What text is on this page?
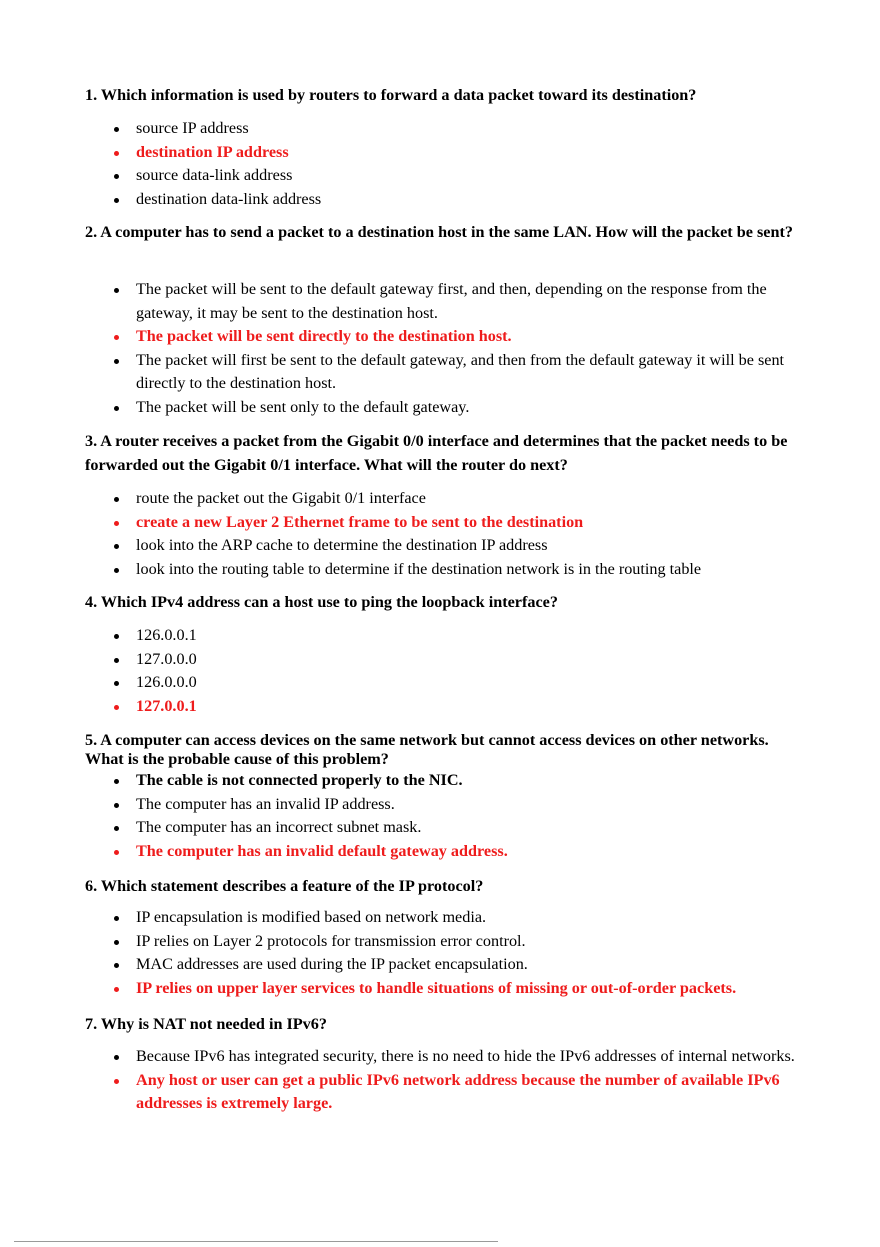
1. Which information is used by routers to forward a data packet toward its destination?

source IP address
destination IP address
source data-link address
destination data-link address

2. A computer has to send a packet to a destination host in the same LAN. How will the packet be sent?

The packet will be sent to the default gateway first, and then, depending on the response from the gateway, it may be sent to the destination host.
The packet will be sent directly to the destination host.
The packet will first be sent to the default gateway, and then from the default gateway it will be sent directly to the destination host.
The packet will be sent only to the default gateway.

3. A router receives a packet from the Gigabit 0/0 interface and determines that the packet needs to be forwarded out the Gigabit 0/1 interface. What will the router do next?

route the packet out the Gigabit 0/1 interface
create a new Layer 2 Ethernet frame to be sent to the destination
look into the ARP cache to determine the destination IP address
look into the routing table to determine if the destination network is in the routing table

4. Which IPv4 address can a host use to ping the loopback interface?

126.0.0.1
127.0.0.0
126.0.0.0
127.0.0.1

5. A computer can access devices on the same network but cannot access devices on other networks. What is the probable cause of this problem?

The cable is not connected properly to the NIC.
The computer has an invalid IP address.
The computer has an incorrect subnet mask.
The computer has an invalid default gateway address.

6. Which statement describes a feature of the IP protocol?

IP encapsulation is modified based on network media.
IP relies on Layer 2 protocols for transmission error control.
MAC addresses are used during the IP packet encapsulation.
IP relies on upper layer services to handle situations of missing or out-of-order packets.

7. Why is NAT not needed in IPv6?

Because IPv6 has integrated security, there is no need to hide the IPv6 addresses of internal networks.
Any host or user can get a public IPv6 network address because the number of available IPv6 addresses is extremely large.
